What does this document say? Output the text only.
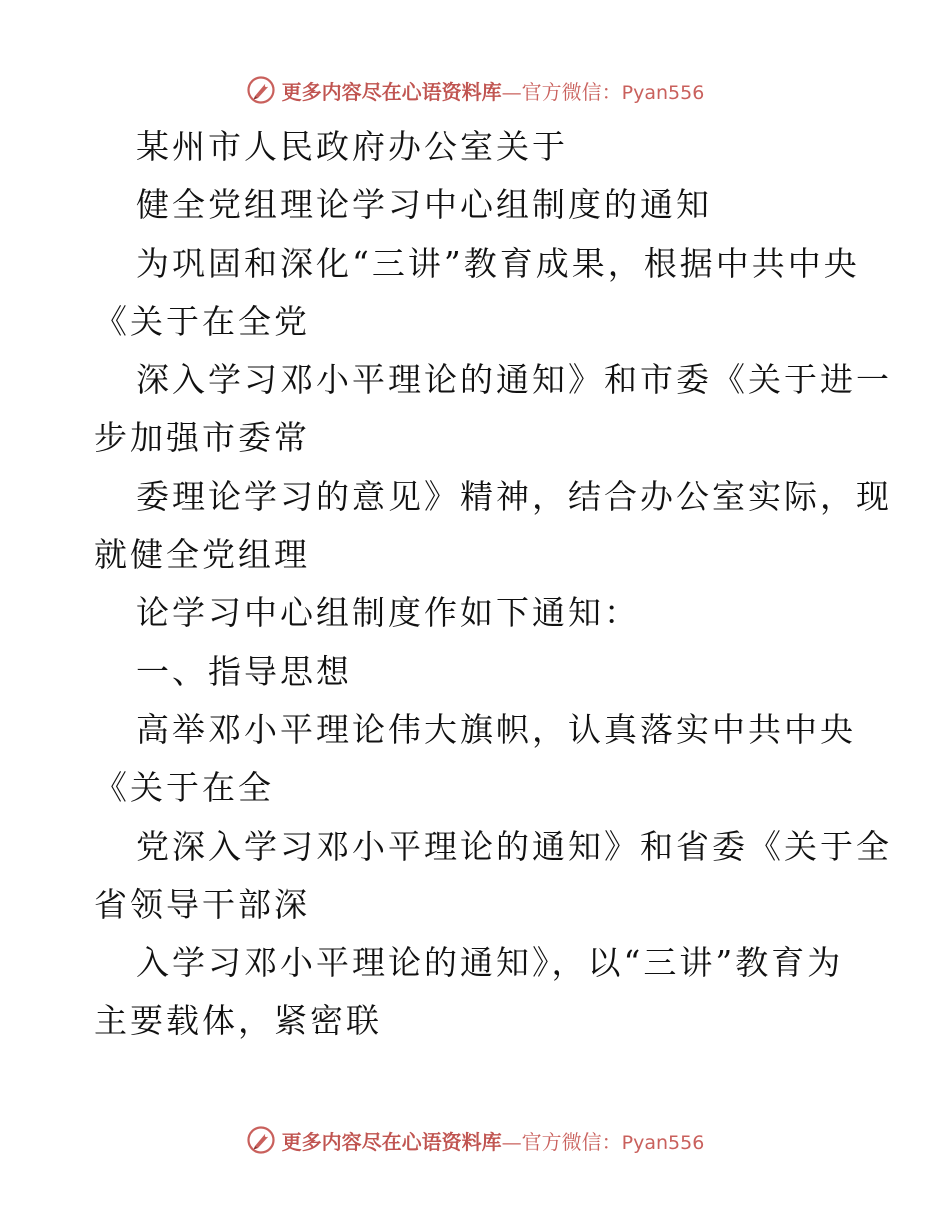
更多内容尽在心语资料库—官方微信：Pyan556
某州市人民政府办公室关于
健全党组理论学习中心组制度的通知
为巩固和深化“三讲”教育成果，根据中共中央
《关于在全党
深入学习邓小平理论的通知》和市委《关于进一
步加强市委常
委理论学习的意见》精神，结合办公室实际，现
就健全党组理
论学习中心组制度作如下通知：
一、指导思想
高举邓小平理论伟大旗帜，认真落实中共中央
《关于在全
党深入学习邓小平理论的通知》和省委《关于全
省领导干部深
入学习邓小平理论的通知》，以“三讲”教育为
主要载体，紧密联
更多内容尽在心语资料库—官方微信：Pyan556
